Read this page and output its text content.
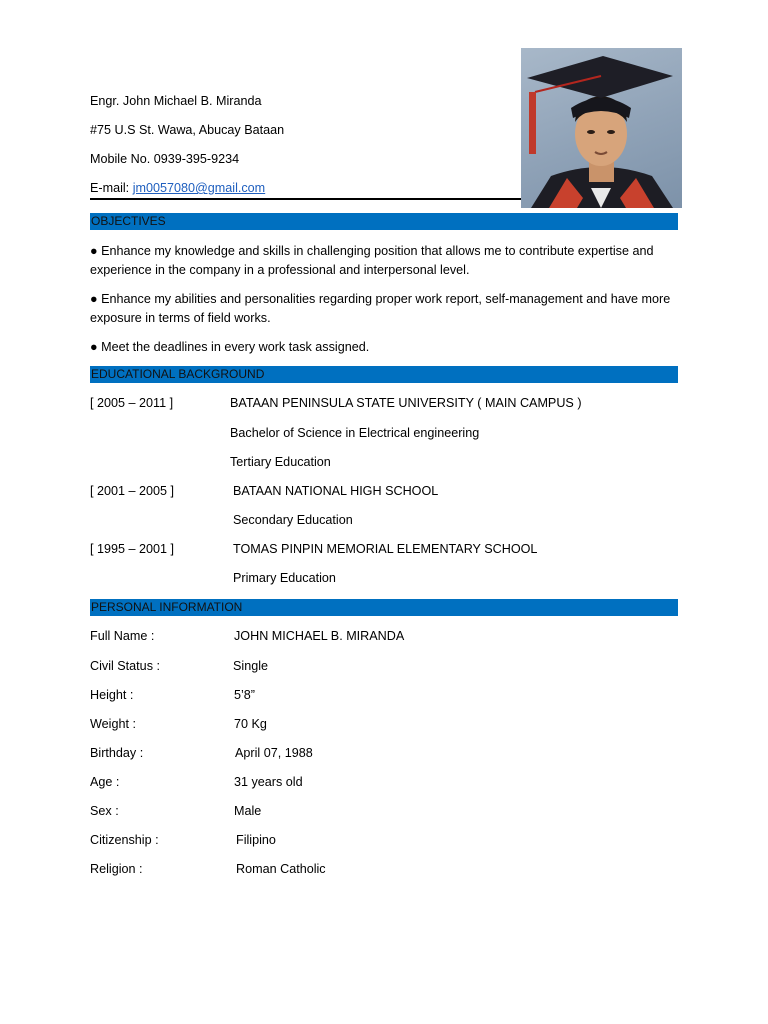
Engr. John Michael B. Miranda
#75 U.S St. Wawa, Abucay Bataan
Mobile No. 0939-395-9234
E-mail: jm0057080@gmail.com
OBJECTIVES
● Enhance my knowledge and skills in challenging position that allows me to contribute expertise and experience in the company in a professional and interpersonal level.
● Enhance my abilities and personalities regarding proper work report, self-management and have more exposure in terms of field works.
● Meet the deadlines in every work task assigned.
EDUCATIONAL BACKGROUND
[ 2005 – 2011 ]	BATAAN PENINSULA STATE UNIVERSITY ( MAIN CAMPUS )
Bachelor of Science in Electrical engineering
Tertiary Education
[ 2001 – 2005 ]	BATAAN NATIONAL HIGH SCHOOL
Secondary Education
[ 1995 – 2001 ]	TOMAS PINPIN MEMORIAL ELEMENTARY SCHOOL
Primary Education
PERSONAL INFORMATION
Full Name :	JOHN MICHAEL B. MIRANDA
Civil Status :	Single
Height :	5’8”
Weight :	70 Kg
Birthday :	April 07, 1988
Age :	31 years old
Sex :	Male
Citizenship :	Filipino
Religion :	Roman Catholic
